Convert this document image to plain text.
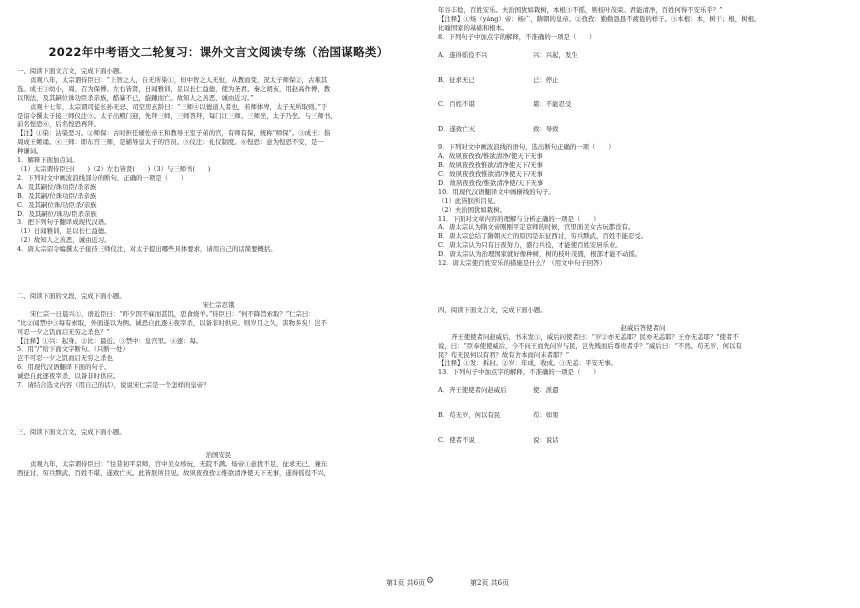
2022年中考语文二轮复习：课外文言文阅读专练（治国谋略类）
一、阅读下面文言文，完成下面小题。
贞观八年，太宗谓侍臣曰：“上智之人，自无所染①，但中智之人无恒，从教而变，况太子师保②，古难其
选。成王③幼小，周、召为保傅。左右皆贤，日闻雅训，足以长仁益德，使为圣君。秦之胡亥，用赵高作傅，教
以刑法，及其嗣位诛功臣杀亲族，酷暴不已，旋踵而亡。故知人之善恶，诚由近习。”
贞观十七年，太宗谓司徒长孙无忌、司空房玄龄曰：“三师④以德道人者也，若师体卑，太子无所取则。”于
是诏令撰太子接三师仪注⑤。太子出殿门迎，先拜三师，三师答拜，每门让三师。三师坐，太子乃坐。与三师书，
前名惶恐⑥，后名惶恐再拜。
【注】①染：沾染恶习。②师保：古时担任辅佐帝王和教导王室子弟的官，有师有保，统称“师保”。③成王：指
周成王姬诵。④三师：即东宫三师，是辅导皇太子的官员。⑤仪注：礼仪制度。⑥惶恐：意为惶恐不安，是一
种谦词。
1．解释下面加点词。
（1）太宗谓侍臣曰(　　)（2）左右皆贤(　　)（3）与三师书(　　)
2．下列对文中画波浪线部分的断句，正确的一项是（　　）
A．及其嗣位/诛功臣/杀亲族
B．及其嗣/位诛功臣/杀亲族
C．及其嗣位诛/功臣杀/亲族
D．及其嗣位/诛功/臣杀亲族
3．把下列句子翻译成现代汉语。
（1）日闻雅训，足以长仁益德。
（2）故知人之善恶，诚由近习。
4．唐太宗诏令编撰太子接待三师仪注，对太子提出哪些具体要求，请用自己的话简要概括。
二、阅读下面的文段，完成下面小题。
宋仁宗忍饿
宋仁宗一日晨兴①，语近臣曰：“昨夕因不寐而甚饥，思食烧羊。”侍臣曰：“何不降旨索取？”仁宗曰：
“比②闻禁中③每有索取，外面遂以为例。诚恐自此逐④夜宰杀，以备非时供应。则岁月之久，害物多矣！岂不
可忍一夕之饥而启无穷之杀也？”
【注释】①兴：起身。②比：最近。③禁中：皇宫里。④逐：每。
5．用“/”给下面文字断句。（只断一处）
岂不可忍一夕之饥而启无穷之杀也
6．用现代汉语翻译下面的句子。
诚恐自此逐夜宰杀，以备非时供应。
7．请结合选文内容（用自己的话），说说宋仁宗是一个怎样的皇帝？
三、阅读下面文言文，完成下面小题。
治国安民
贞观九年，太宗谓侍臣曰：“往昔初平京师，宫中美女珍玩，无院不满。炀帝①意犹不足，征求无已，兼东
西征讨，穷兵黩武，百姓不堪，遂致亡灭。此皆朕所目见。故夙夜孜孜②惟欲清净使天下无事，遂得徭役不兴，
年谷丰稔，百姓安乐。夫治国犹如栽树，本根③不摇，则枝叶茂荣。君能清净，百姓何得不安乐乎？”
【注释】①炀（yáng）帝：杨广，隋朝的皇帝。②孜孜：勤勤恳恳不疲倦的样子。③本根：本，树干；根，树根。
比喻国家的基础和根本。
8．下列句子中加点字的解释，不准确的一项是（　　）
A．遂得徭役不兴	兴：兴起，发生
B．征求无已	已：停止
C．百姓不堪	堪：不能忍受
D．遂致亡灭	致：导致
9．下列对文中画波浪线的语句，选出断句正确的一项（　　）
A．故夙夜孜孜/惟欲清净/使天下无事
B．故夙夜孜孜惟欲/清净使天下/无事
C．故夙夜孜孜惟欲清/净使天下/无事
D．故夙夜孜孜/惟欲清净使/天下无事
10．用现代汉语翻译文中画横线的句子。
（1）此皆朕所目见。
（2）夫治国犹如栽树。
11．下面对文章内容的理解与分析正确的一项是（　　）
A．唐太宗认为隋文帝刚刚平定京师的时候，宫里面美女古玩都没有。
B．唐太宗总结了隋朝灭亡的原因是东征西讨，穷兵黩武，百姓不能忍受。
C．唐太宗认为只有日夜努力，盛行兵役，才能使百姓安居乐业。
D．唐太宗认为治理国家就好像种树，树的枝叶茂盛，根部才能不动摇。
12．唐太宗使百姓安乐的措施是什么？（用文中句子回答）
四、阅读下面文言文，完成下面小题。
赵威后答使者问
齐王使使者问赵威后，书未发①，威后问使者曰：“岁②亦无恙耶？民亦无恙耶？王亦无恙耶？”使者不
说，曰：“臣奉使使威后，今不问王而先问岁与民，岂先贱而后尊贵者乎？”威后曰：“不然。苟无岁，何以有
民？苟无民何以有君？故有舍本而问末者耶？”
【注释】①发：拆封。②岁：年成，收成。③无恙：平安无事。
13．下列句子中加点字的解释，不准确的一项是（　　）
A．齐王使使者问赵威后	使：派遣
B．苟无岁，何以有民	苟：如果
C．使者不说	说：说话
第1页 共6页 ⚙	第2页 共6页
